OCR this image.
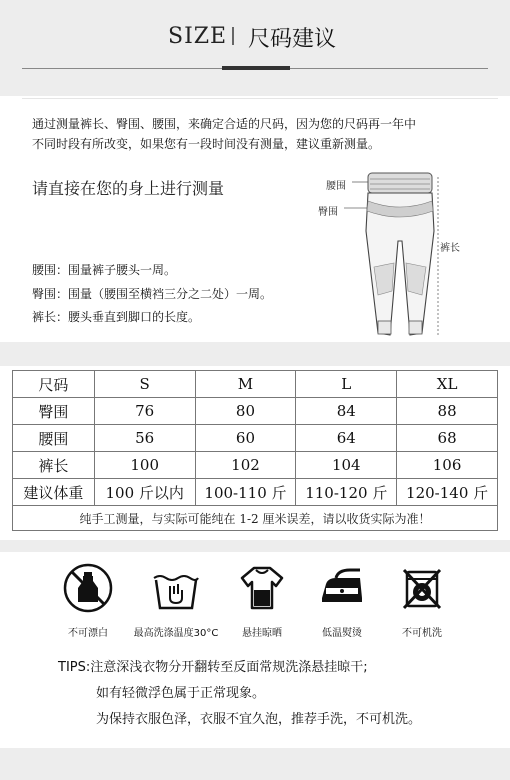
SIZE 尺码建议

通过测量裤长、臀围、腰围，来确定合适的尺码，因为您的尺码再一年中

不同时段有所改变，如果您有一段时间没有测量，建议重新测量。

请直接在您的身上进行测量
腰围：围量裤子腰头一周。
臀围：围量（腰围至横裆三分之二处）一周。
裤长：腰头垂直到脚口的长度。
腰围
臀围
裤长
尺码	S	M	L	XL
臀围	76	80	84	88
腰围	56	60	64	68
裤长	100	102	104	106
建议体重	100 斤以内	100-110 斤	110-120 斤	120-140 斤
纯手工测量，与实际可能纯在 1-2 厘米误差，请以收货实际为准！				
不可漂白	最高洗涤温度30°C	悬挂晾晒	低温熨烫	不可机洗
TIPS:注意深浅衣物分开翻转至反面常规洗涤悬挂晾干;
如有轻微浮色属于正常现象。
为保持衣服色泽，衣服不宜久泡，推荐手洗，不可机洗。
